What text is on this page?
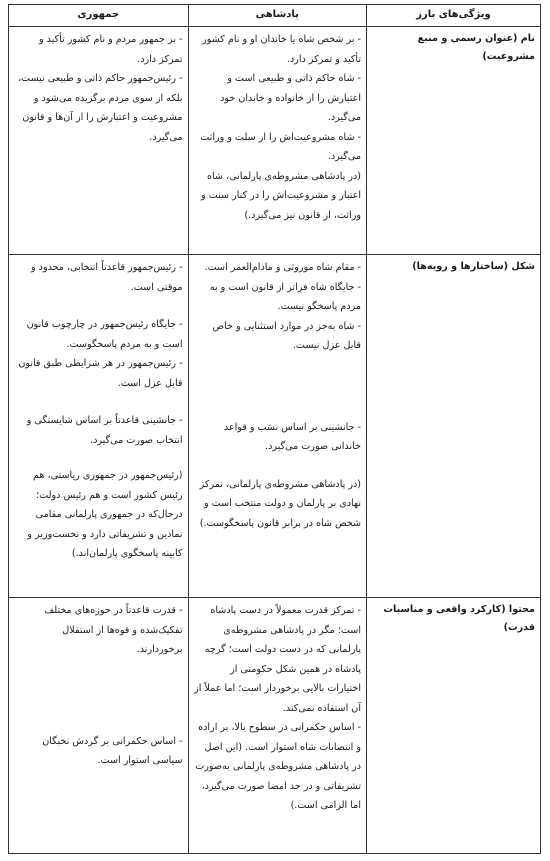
ویژگی‌های بارز
پادشاهی
جمهوری
نام (عنوان رسمی و منبع مشروعیت)

- بر شخص شاه یا خاندان او و نام کشور تأکید و تمرکز دارد.

- شاه حاکم ذاتی و طبیعی است و اعتبارش را از خانواده و خاندان خود می‌گیرد.

- شاه مشروعیت‌اش را از سلت و وراثت می‌گیرد.

(در پادشاهی مشروطه‌ی پارلمانی، شاه اعتبار و مشروعیت‌اش را در کنار سنت و وراثت، از قانون نیز می‌گیرد.)

- بر جمهور مردم و نام کشور تأکید و تمرکز دارد.

- رئیس‌جمهور حاکم ذاتی و طبیعی نیست، بلکه از سوی مردم برگزیده می‌شود و مشروعیت و اعتبارش را از آن‌ها و قانون می‌گیرد.

شکل (ساختارها و رویه‌ها)

- مقام شاه موروثی و مادام‌العمر است.

- جایگاه شاه فراتر از قانون است و به مردم پاسخگو نیست.

- شاه به‌جز در موارد استثنایی و خاص قابل عزل نیست.

- جانشینی بر اساس نسَب و قواعد خاندانی صورت می‌گیرد.

(در پادشاهی مشروطه‌ی پارلمانی، تمرکز نهادی بر پارلمان و دولت منتخب است و شخص شاه در برابر قانون پاسخگوست.)

- رئیس‌جمهور قاعدتاً انتخابی، محدود و موقتی است.

- جایگاه رئیس‌جمهور در چارچوب قانون است و به مردم پاسخگوست.

- رئیس‌جمهور در هر شرایطی طبق قانون قابل عزل است.

- جانشینی قاعدتاً بر اساس شایستگی و انتخاب صورت می‌گیرد.

(رئیس‌جمهور در جمهوری ریاستی، هم رئیس کشور است و هم رئیس دولت؛ درحال‌که در جمهوری پارلمانی مقامی نمادین و تشریفاتی دارد و نخست‌وزیر و کابینه پاسخگوی پارلمان‌اند.)

محتوا (کارکرد واقعی و مناسبات قدرت)

- تمرکز قدرت معمولاً در دست پادشاه است؛ مگر در پادشاهی مشروطه‌ی پارلمانی که در دست دولت است؛ گرچه پادشاه در همین شکل حکومتی از اختیارات بالایی برخوردار است؛ اما عملاً از آن استفاده نمی‌کند.

- اساس حکمرانی در سطوح بالا، بر اراده و انتصابات شاه استوار است. (این اصل در پادشاهی مشروطه‌ی پارلمانی به‌صورت تشریفاتی و در حد امضا صورت می‌گیرد، اما الزامی است.)

- قدرت قاعدتاً در حوزه‌های مختلف تفکیک‌شده و قوه‌ها از استقلال برخوردارند.

- اساس حکمرانی بر گردش نخبگان سیاسی استوار است.
